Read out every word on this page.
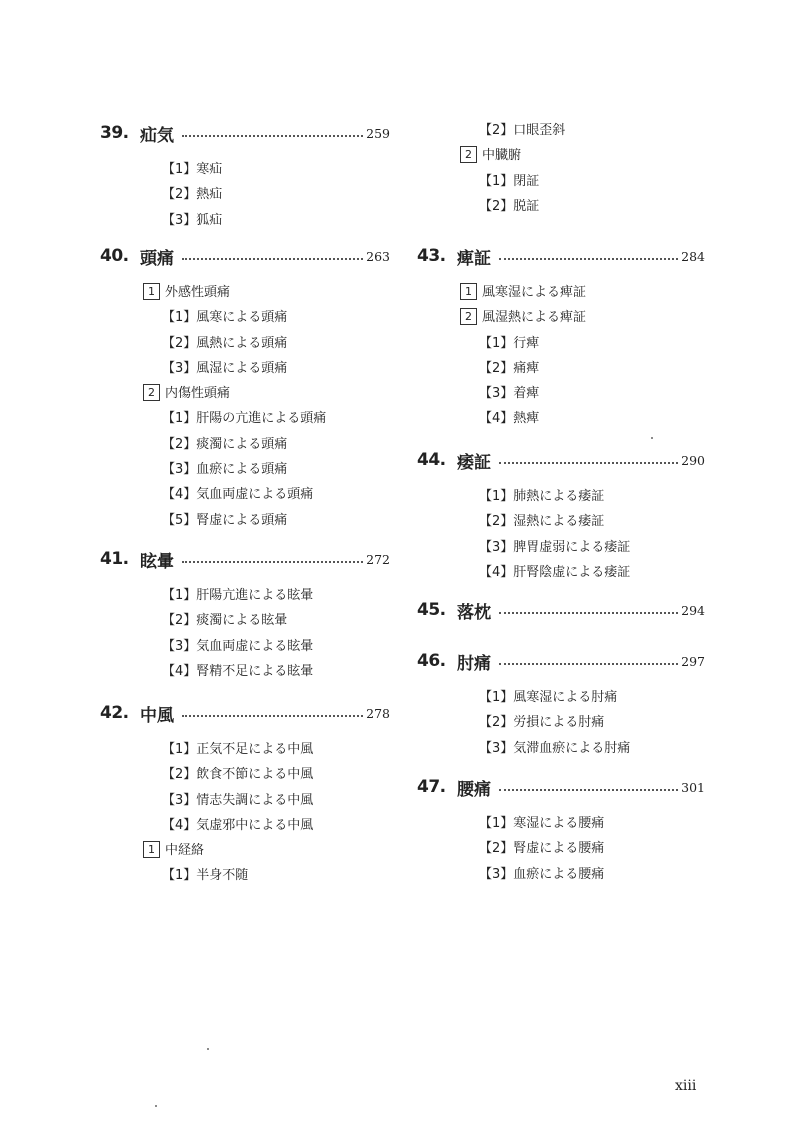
39. 疝気	259
【1】寒疝
【2】熱疝
【3】狐疝
40. 頭痛	263
1 外感性頭痛
【1】風寒による頭痛
【2】風熱による頭痛
【3】風湿による頭痛
2 内傷性頭痛
【1】肝陽の亢進による頭痛
【2】痰濁による頭痛
【3】血瘀による頭痛
【4】気血両虚による頭痛
【5】腎虚による頭痛
41. 眩暈	272
【1】肝陽亢進による眩暈
【2】痰濁による眩暈
【3】気血両虚による眩暈
【4】腎精不足による眩暈
42. 中風	278
【1】正気不足による中風
【2】飲食不節による中風
【3】情志失調による中風
【4】気虚邪中による中風
1 中経絡
【1】半身不随
【2】口眼歪斜
2 中臓腑
【1】閉証
【2】脱証
43. 痺証	284
1 風寒湿による痺証
2 風湿熱による痺証
【1】行痺
【2】痛痺
【3】着痺
【4】熱痺
44. 痿証	290
【1】肺熱による痿証
【2】湿熱による痿証
【3】脾胃虚弱による痿証
【4】肝腎陰虚による痿証
45. 落枕	294
46. 肘痛	297
【1】風寒湿による肘痛
【2】労損による肘痛
【3】気滞血瘀による肘痛
47. 腰痛	301
【1】寒湿による腰痛
【2】腎虚による腰痛
【3】血瘀による腰痛
xiii
